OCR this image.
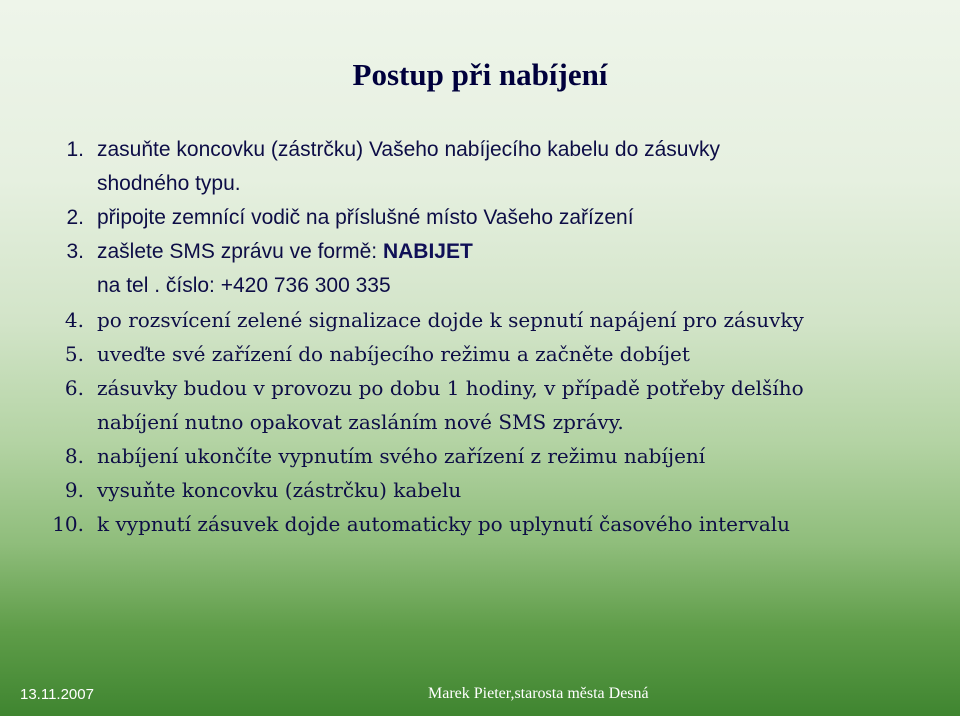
Postup při nabíjení
1. zasuňte koncovku (zástrčku) Vašeho nabíjecího kabelu do zásuvky
shodného typu.
2. připojte zemnící vodič na příslušné místo Vašeho zařízení
3. zašlete SMS zprávu ve formě: NABIJET
na tel . číslo: +420 736 300 335
4. po rozsvícení zelené signalizace dojde k sepnutí napájení pro zásuvky
5. uveďte své zařízení do nabíjecího režimu a začněte dobíjet
6. zásuvky budou v provozu po dobu 1 hodiny, v případě potřeby delšího
nabíjení nutno opakovat zasláním nové SMS zprávy.
8. nabíjení ukončíte vypnutím svého zařízení z režimu nabíjení
9. vysuňte koncovku (zástrčku) kabelu
10. k vypnutí zásuvek dojde automaticky po uplynutí časového intervalu
13.11.2007	Marek Pieter,starosta města Desná
